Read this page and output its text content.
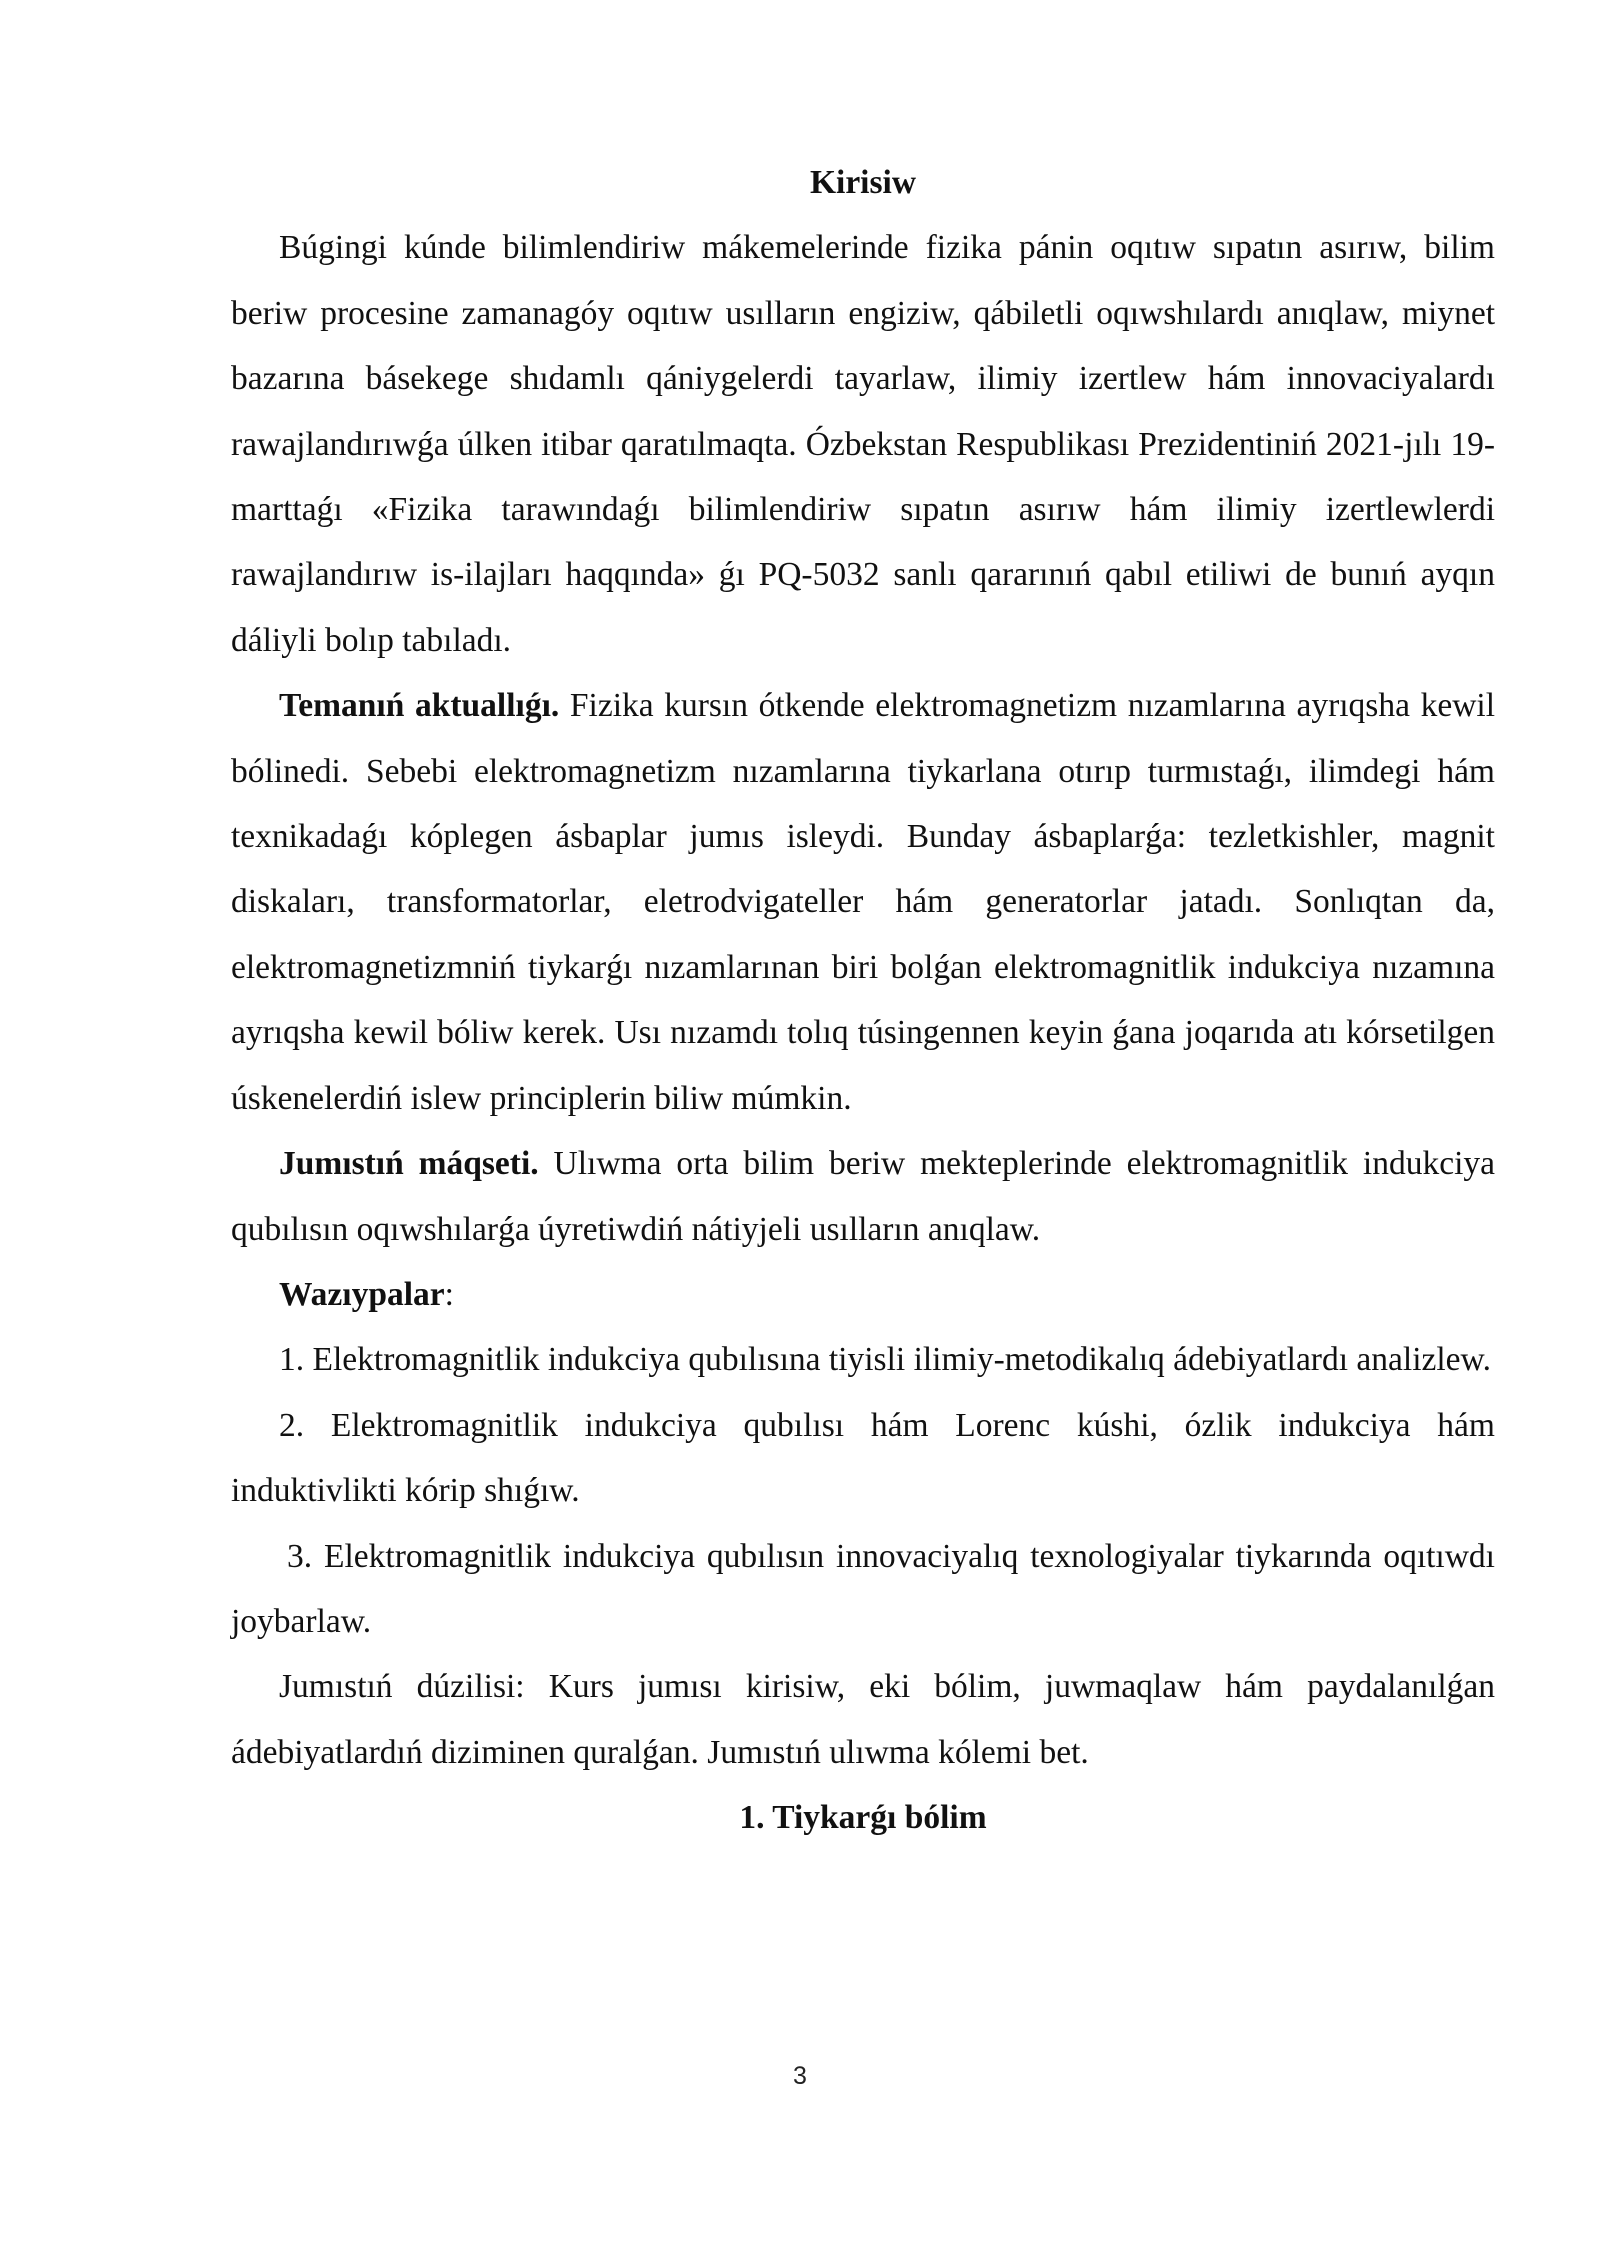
Kirisiw

Búgingi kúnde bilimlendiriw mákemelerinde fizika pánin oqıtıw sıpatın asırıw, bilim beriw procesine zamanagóy oqıtıw usılların engiziw, qábiletli oqıwshılardı anıqlaw, miynet bazarına básekege shıdamlı qániygelerdi tayarlaw, ilimiy izertlew hám innovaciyalardı rawajlandırıwǵa úlken itibar qaratılmaqta. Ózbekstan Respublikası Prezidentiniń 2021-jılı 19-marttaǵı «Fizika tarawındaǵı bilimlendiriw sıpatın asırıw hám ilimiy izertlewlerdi rawajlandırıw is-ilajları haqqında» ǵı PQ-5032 sanlı qararınıń qabıl etiliwi de bunıń ayqın dáliyli bolıp tabıladı.

Temanıń aktuallıǵı. Fizika kursın ótkende elektromagnetizm nızamlarına ayrıqsha kewil bólinedi. Sebebi elektromagnetizm nızamlarına tiykarlana otırıp turmıstaǵı, ilimdegi hám texnikadaǵı kóplegen ásbaplar jumıs isleydi. Bunday ásbaplarǵa: tezletkishler, magnit diskaları, transformatorlar, eletrodvigateller hám generatorlar jatadı. Sonlıqtan da, elektromagnetizmniń tiykarǵı nızamlarınan biri bolǵan elektromagnitlik indukciya nızamına ayrıqsha kewil bóliw kerek. Usı nızamdı tolıq túsingennen keyin ǵana joqarıda atı kórsetilgen úskenelerdiń islew principlerin biliw múmkin.

Jumıstıń máqseti. Ulıwma orta bilim beriw mekteplerinde elektromagnitlik indukciya qubılısın oqıwshılarǵa úyretiwdiń nátiyjeli usılların anıqlaw.

Wazıypalar:

1. Elektromagnitlik indukciya qubılısına tiyisli ilimiy-metodikalıq ádebiyatlardı analizlew.

2. Elektromagnitlik indukciya qubılısı hám Lorenc kúshi, ózlik indukciya hám induktivlikti kórip shıǵıw.

3. Elektromagnitlik indukciya qubılısın innovaciyalıq texnologiyalar tiykarında oqıtıwdı joybarlaw.

Jumıstıń dúzilisi: Kurs jumısı kirisiw, eki bólim, juwmaqlaw hám paydalanılǵan ádebiyatlardıń diziminen quralǵan. Jumıstıń ulıwma kólemi bet.

1. Tiykarǵı bólim

3
